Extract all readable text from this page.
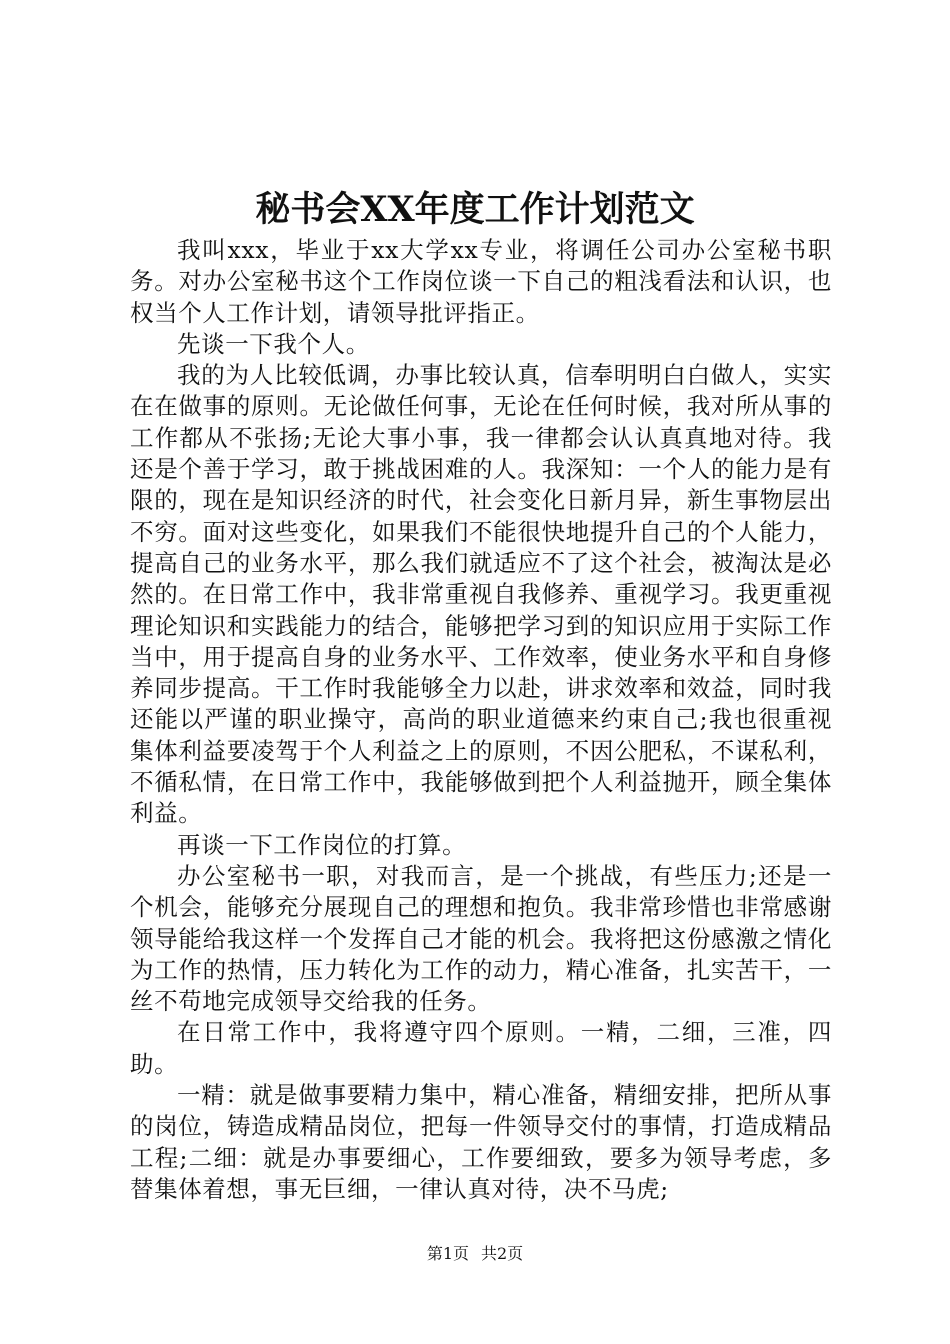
秘书会XX年度工作计划范文

我叫xxx，毕业于xx大学xx专业，将调任公司办公室秘书职务。对办公室秘书这个工作岗位谈一下自己的粗浅看法和认识，也权当个人工作计划，请领导批评指正。

先谈一下我个人。

我的为人比较低调，办事比较认真，信奉明明白白做人，实实在在做事的原则。无论做任何事，无论在任何时候，我对所从事的工作都从不张扬;无论大事小事，我一律都会认认真真地对待。我还是个善于学习，敢于挑战困难的人。我深知：一个人的能力是有限的，现在是知识经济的时代，社会变化日新月异，新生事物层出不穷。面对这些变化，如果我们不能很快地提升自己的个人能力，提高自己的业务水平，那么我们就适应不了这个社会，被淘汰是必然的。在日常工作中，我非常重视自我修养、重视学习。我更重视理论知识和实践能力的结合，能够把学习到的知识应用于实际工作当中，用于提高自身的业务水平、工作效率，使业务水平和自身修养同步提高。干工作时我能够全力以赴，讲求效率和效益，同时我还能以严谨的职业操守，高尚的职业道德来约束自己;我也很重视集体利益要凌驾于个人利益之上的原则，不因公肥私，不谋私利，不循私情，在日常工作中，我能够做到把个人利益抛开，顾全集体利益。

再谈一下工作岗位的打算。

办公室秘书一职，对我而言，是一个挑战，有些压力;还是一个机会，能够充分展现自己的理想和抱负。我非常珍惜也非常感谢领导能给我这样一个发挥自己才能的机会。我将把这份感激之情化为工作的热情，压力转化为工作的动力，精心准备，扎实苦干，一丝不苟地完成领导交给我的任务。

在日常工作中，我将遵守四个原则。一精，二细，三准，四助。

一精：就是做事要精力集中，精心准备，精细安排，把所从事的岗位，铸造成精品岗位，把每一件领导交付的事情，打造成精品工程;二细：就是办事要细心，工作要细致，要多为领导考虑，多替集体着想，事无巨细，一律认真对待，决不马虎;

第1页 共2页
